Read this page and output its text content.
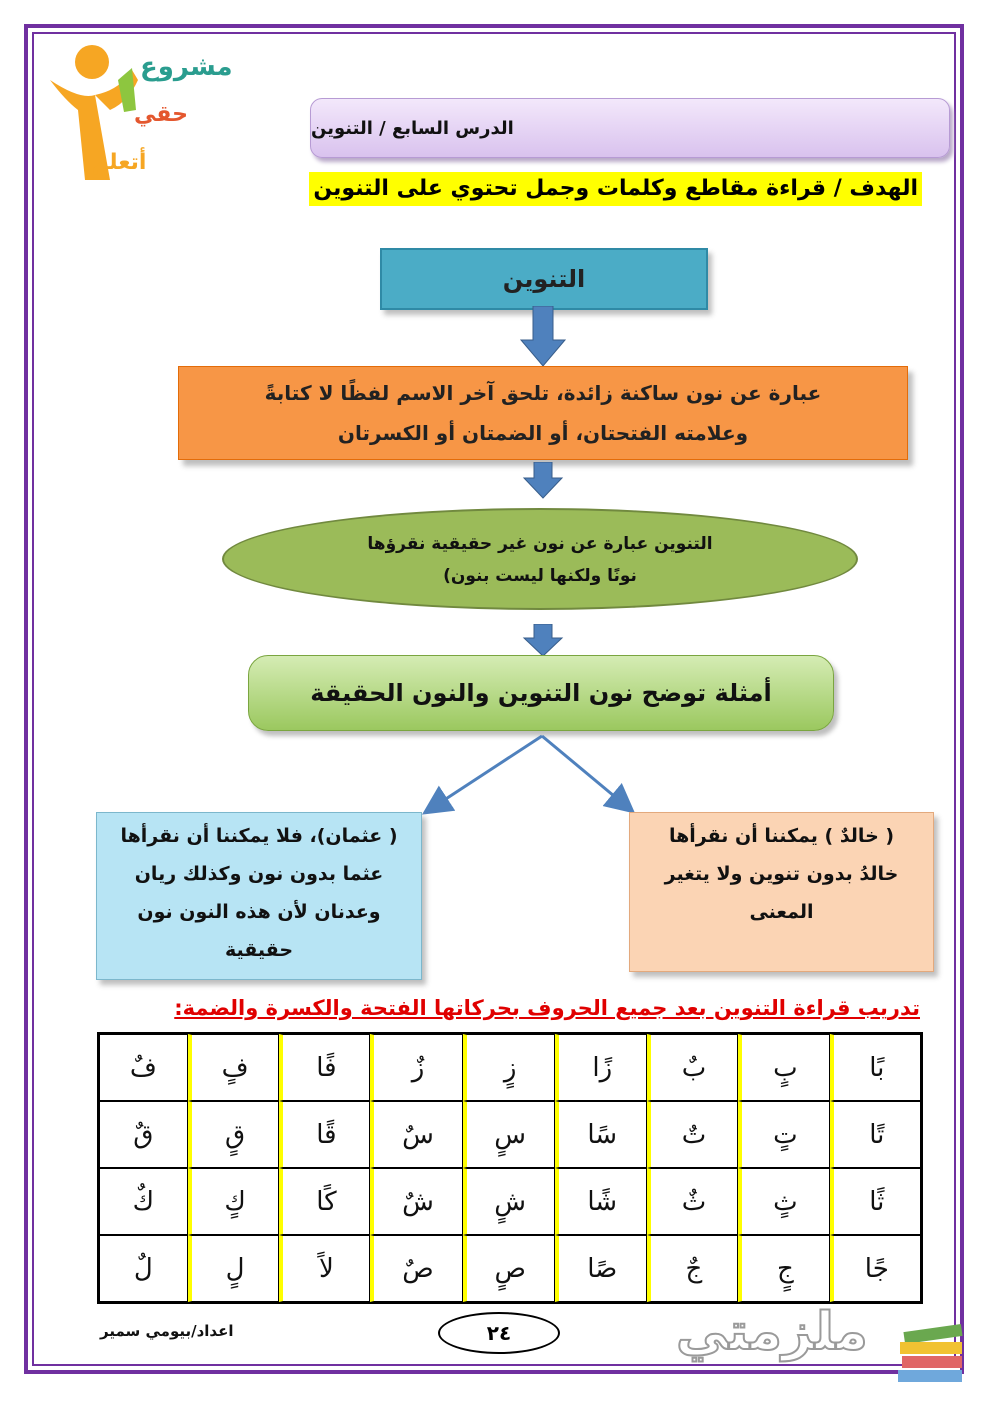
مشروع
حقي
أتعلم
الدرس السابع / التنوين
الهدف / قراءة مقاطع وكلمات وجمل تحتوي على التنوين
التنوين
عبارة عن نون ساكنة زائدة، تلحق آخر الاسم لفظًا لا كتابةً
وعلامته الفتحتان، أو الضمتان أو الكسرتان
التنوين عبارة عن نون غير حقيقية نقرؤها
نونًا ولكنها ليست بنون)
أمثلة توضح نون التنوين والنون الحقيقة
( عثمان)، فلا يمكننا أن نقرأها
عثما بدون نون وكذلك ريان
وعدنان لأن هذه النون نون
حقيقية
( خالدٌ ) يمكننا أن نقرأها
خالدُ بدون تنوين ولا يتغير
المعنى
تدريب قراءة التنوين بعد جميع الحروف بحركاتها الفتحة والكسرة والضمة:
بًا	بٍ	بٌ	زًا	زٍ	زٌ	فًا	فٍ	فٌ
تًا	تٍ	تٌ	سًا	سٍ	سٌ	قًا	قٍ	قٌ
ثًا	ثٍ	ثٌ	شًا	شٍ	شٌ	كًا	كٍ	كٌ
جًا	جٍ	جٌ	صًا	صٍ	صٌ	لاً	لٍ	لٌ
اعداد/بيومي سمير	٢٤	ملزمتي
